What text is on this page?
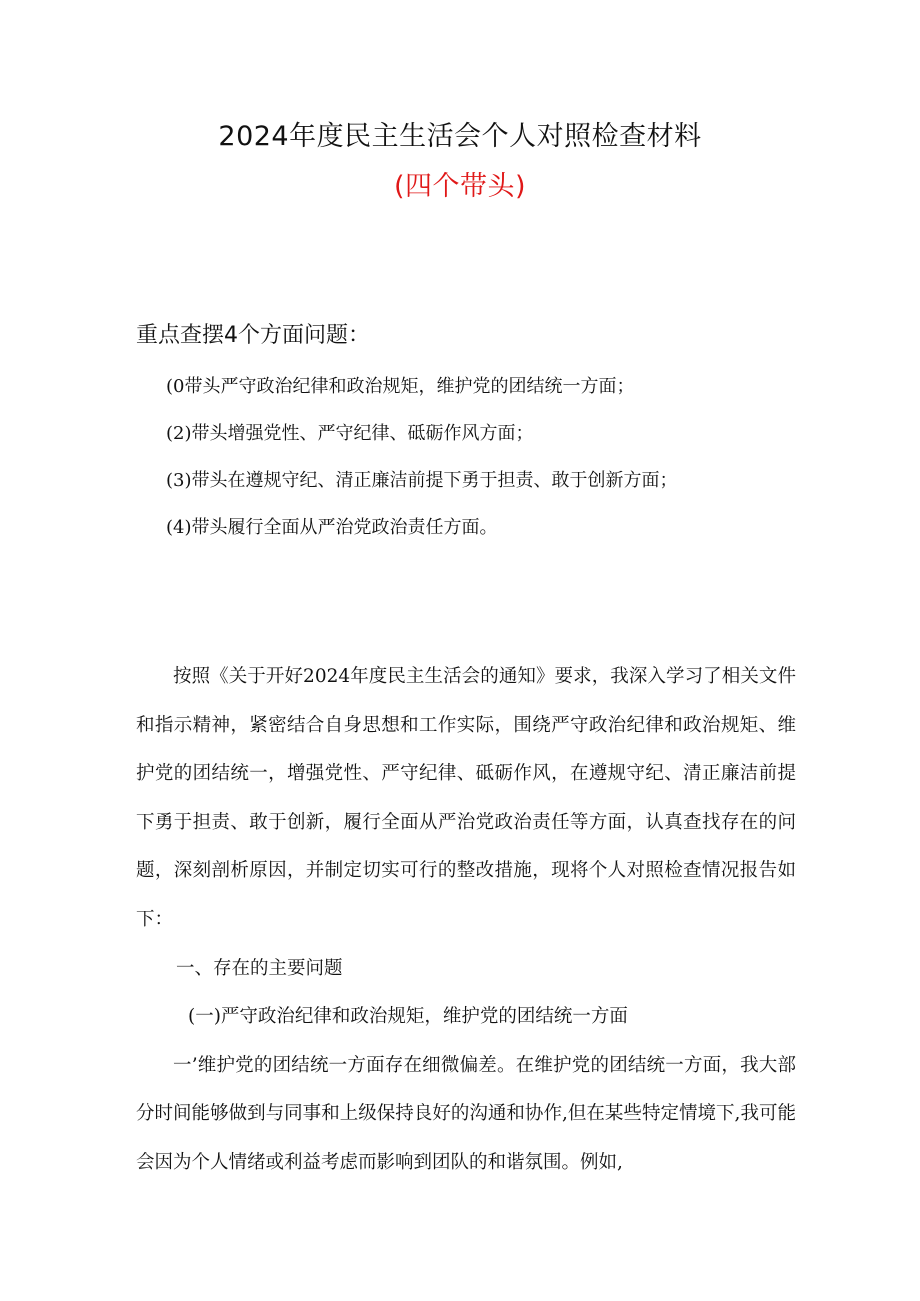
2024年度民主生活会个人对照检查材料
(四个带头)
重点查摆4个方面问题：
(0带头严守政治纪律和政治规矩，维护党的团结统一方面；
(2)带头增强党性、严守纪律、砥砺作风方面；
(3)带头在遵规守纪、清正廉洁前提下勇于担责、敢于创新方面；
(4)带头履行全面从严治党政治责任方面。

按照《关于开好2024年度民主生活会的通知》要求，我深入学习了相关文件和指示精神，紧密结合自身思想和工作实际，围绕严守政治纪律和政治规矩、维护党的团结统一，增强党性、严守纪律、砥砺作风，在遵规守纪、清正廉洁前提下勇于担责、敢于创新，履行全面从严治党政治责任等方面，认真查找存在的问题，深刻剖析原因，并制定切实可行的整改措施，现将个人对照检查情况报告如下：

一、存在的主要问题

(一)严守政治纪律和政治规矩，维护党的团结统一方面

一’维护党的团结统一方面存在细微偏差。在维护党的团结统一方面，我大部分时间能够做到与同事和上级保持良好的沟通和协作,但在某些特定情境下,我可能会因为个人情绪或利益考虑而影响到团队的和谐氛围。例如,
